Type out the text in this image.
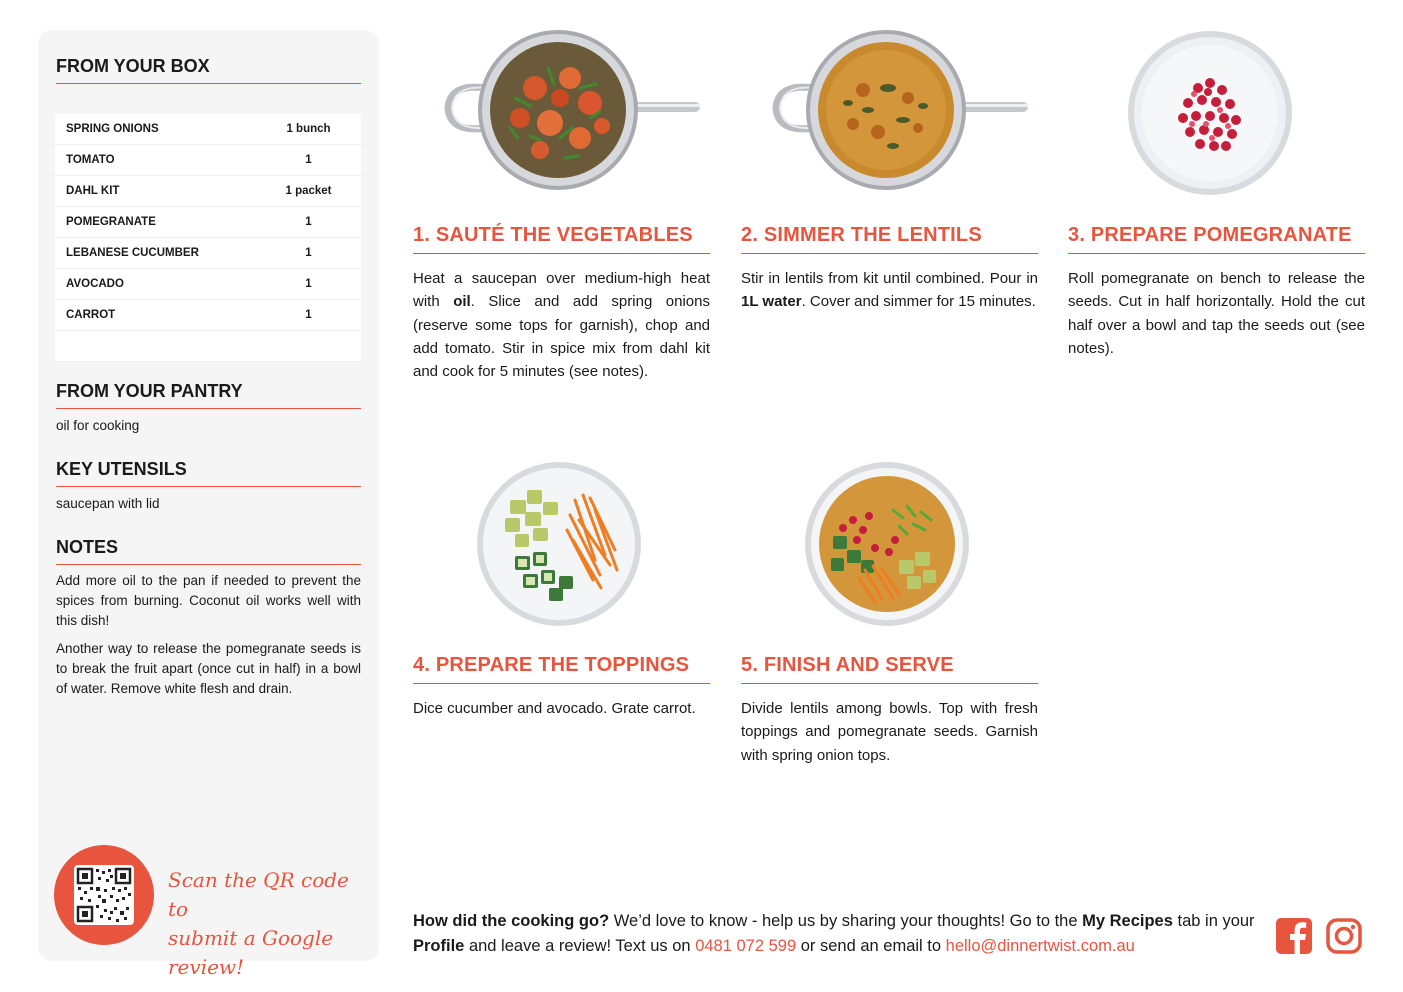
FROM YOUR BOX
SPRING ONIONS	1 bunch
TOMATO	1
DAHL KIT	1 packet
POMEGRANATE	1
LEBANESE CUCUMBER	1
AVOCADO	1
CARROT	1

FROM YOUR PANTRY

oil for cooking

KEY UTENSILS

saucepan with lid

NOTES

Add more oil to the pan if needed to prevent the spices from burning. Coconut oil works well with this dish!

Another way to release the pomegranate seeds is to break the fruit apart (once cut in half) in a bowl of water. Remove white flesh and drain.

Scan the QR code to
submit a Google review!
1. SAUTÉ THE VEGETABLES

Heat a saucepan over medium-high heat with oil. Slice and add spring onions (reserve some tops for garnish), chop and add tomato. Stir in spice mix from dahl kit and cook for 5 minutes (see notes).

2. SIMMER THE LENTILS

Stir in lentils from kit until combined. Pour in 1L water. Cover and simmer for 15 minutes.

3. PREPARE POMEGRANATE

Roll pomegranate on bench to release the seeds. Cut in half horizontally. Hold the cut half over a bowl and tap the seeds out (see notes).

4. PREPARE THE TOPPINGS

Dice cucumber and avocado. Grate carrot.

5. FINISH AND SERVE

Divide lentils among bowls. Top with fresh toppings and pomegranate seeds. Garnish with spring onion tops.

How did the cooking go? We’d love to know - help us by sharing your thoughts! Go to the My Recipes tab in your Profile and leave a review! Text us on 0481 072 599 or send an email to hello@dinnertwist.com.au
